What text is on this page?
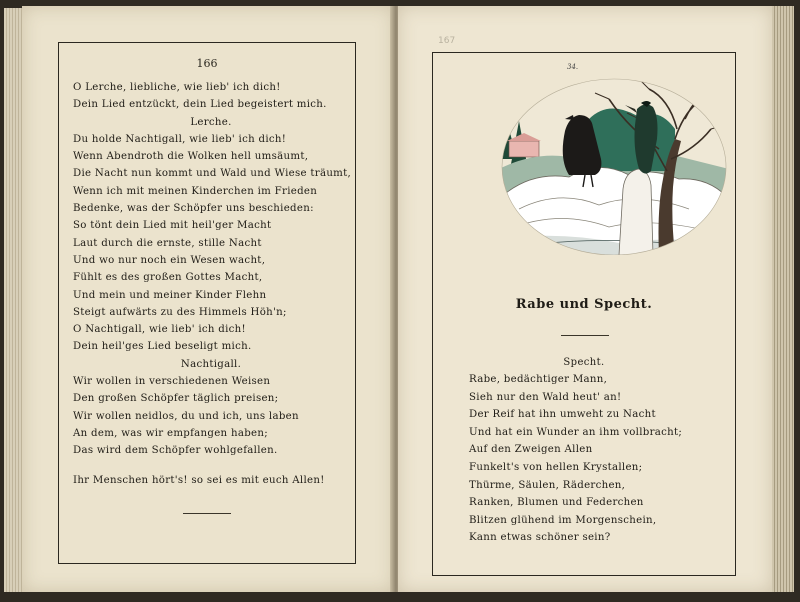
166
O Lerche, liebliche, wie lieb' ich dich!
Dein Lied entzückt, dein Lied begeistert mich.
Lerche.
Du holde Nachtigall, wie lieb' ich dich!
Wenn Abendroth die Wolken hell umsäumt,
Die Nacht nun kommt und Wald und Wiese träumt,
Wenn ich mit meinen Kinderchen im Frieden
Bedenke, was der Schöpfer uns beschieden:
So tönt dein Lied mit heil'ger Macht
Laut durch die ernste, stille Nacht
Und wo nur noch ein Wesen wacht,
Fühlt es des großen Gottes Macht,
Und mein und meiner Kinder Flehn
Steigt aufwärts zu des Himmels Höh'n;
O Nachtigall, wie lieb' ich dich!
Dein heil'ges Lied beseligt mich.
Nachtigall.
Wir wollen in verschiedenen Weisen
Den großen Schöpfer täglich preisen;
Wir wollen neidlos, du und ich, uns laben
An dem, was wir empfangen haben;
Das wird dem Schöpfer wohlgefallen.
Ihr Menschen hört's! so sei es mit euch Allen!
167
34.
Rabe und Specht.
Specht.
Rabe, bedächtiger Mann,
Sieh nur den Wald heut' an!
Der Reif hat ihn umweht zu Nacht
Und hat ein Wunder an ihm vollbracht;
Auf den Zweigen Allen
Funkelt's von hellen Krystallen;
Thürme, Säulen, Räderchen,
Ranken, Blumen und Federchen
Blitzen glühend im Morgenschein,
Kann etwas schöner sein?
